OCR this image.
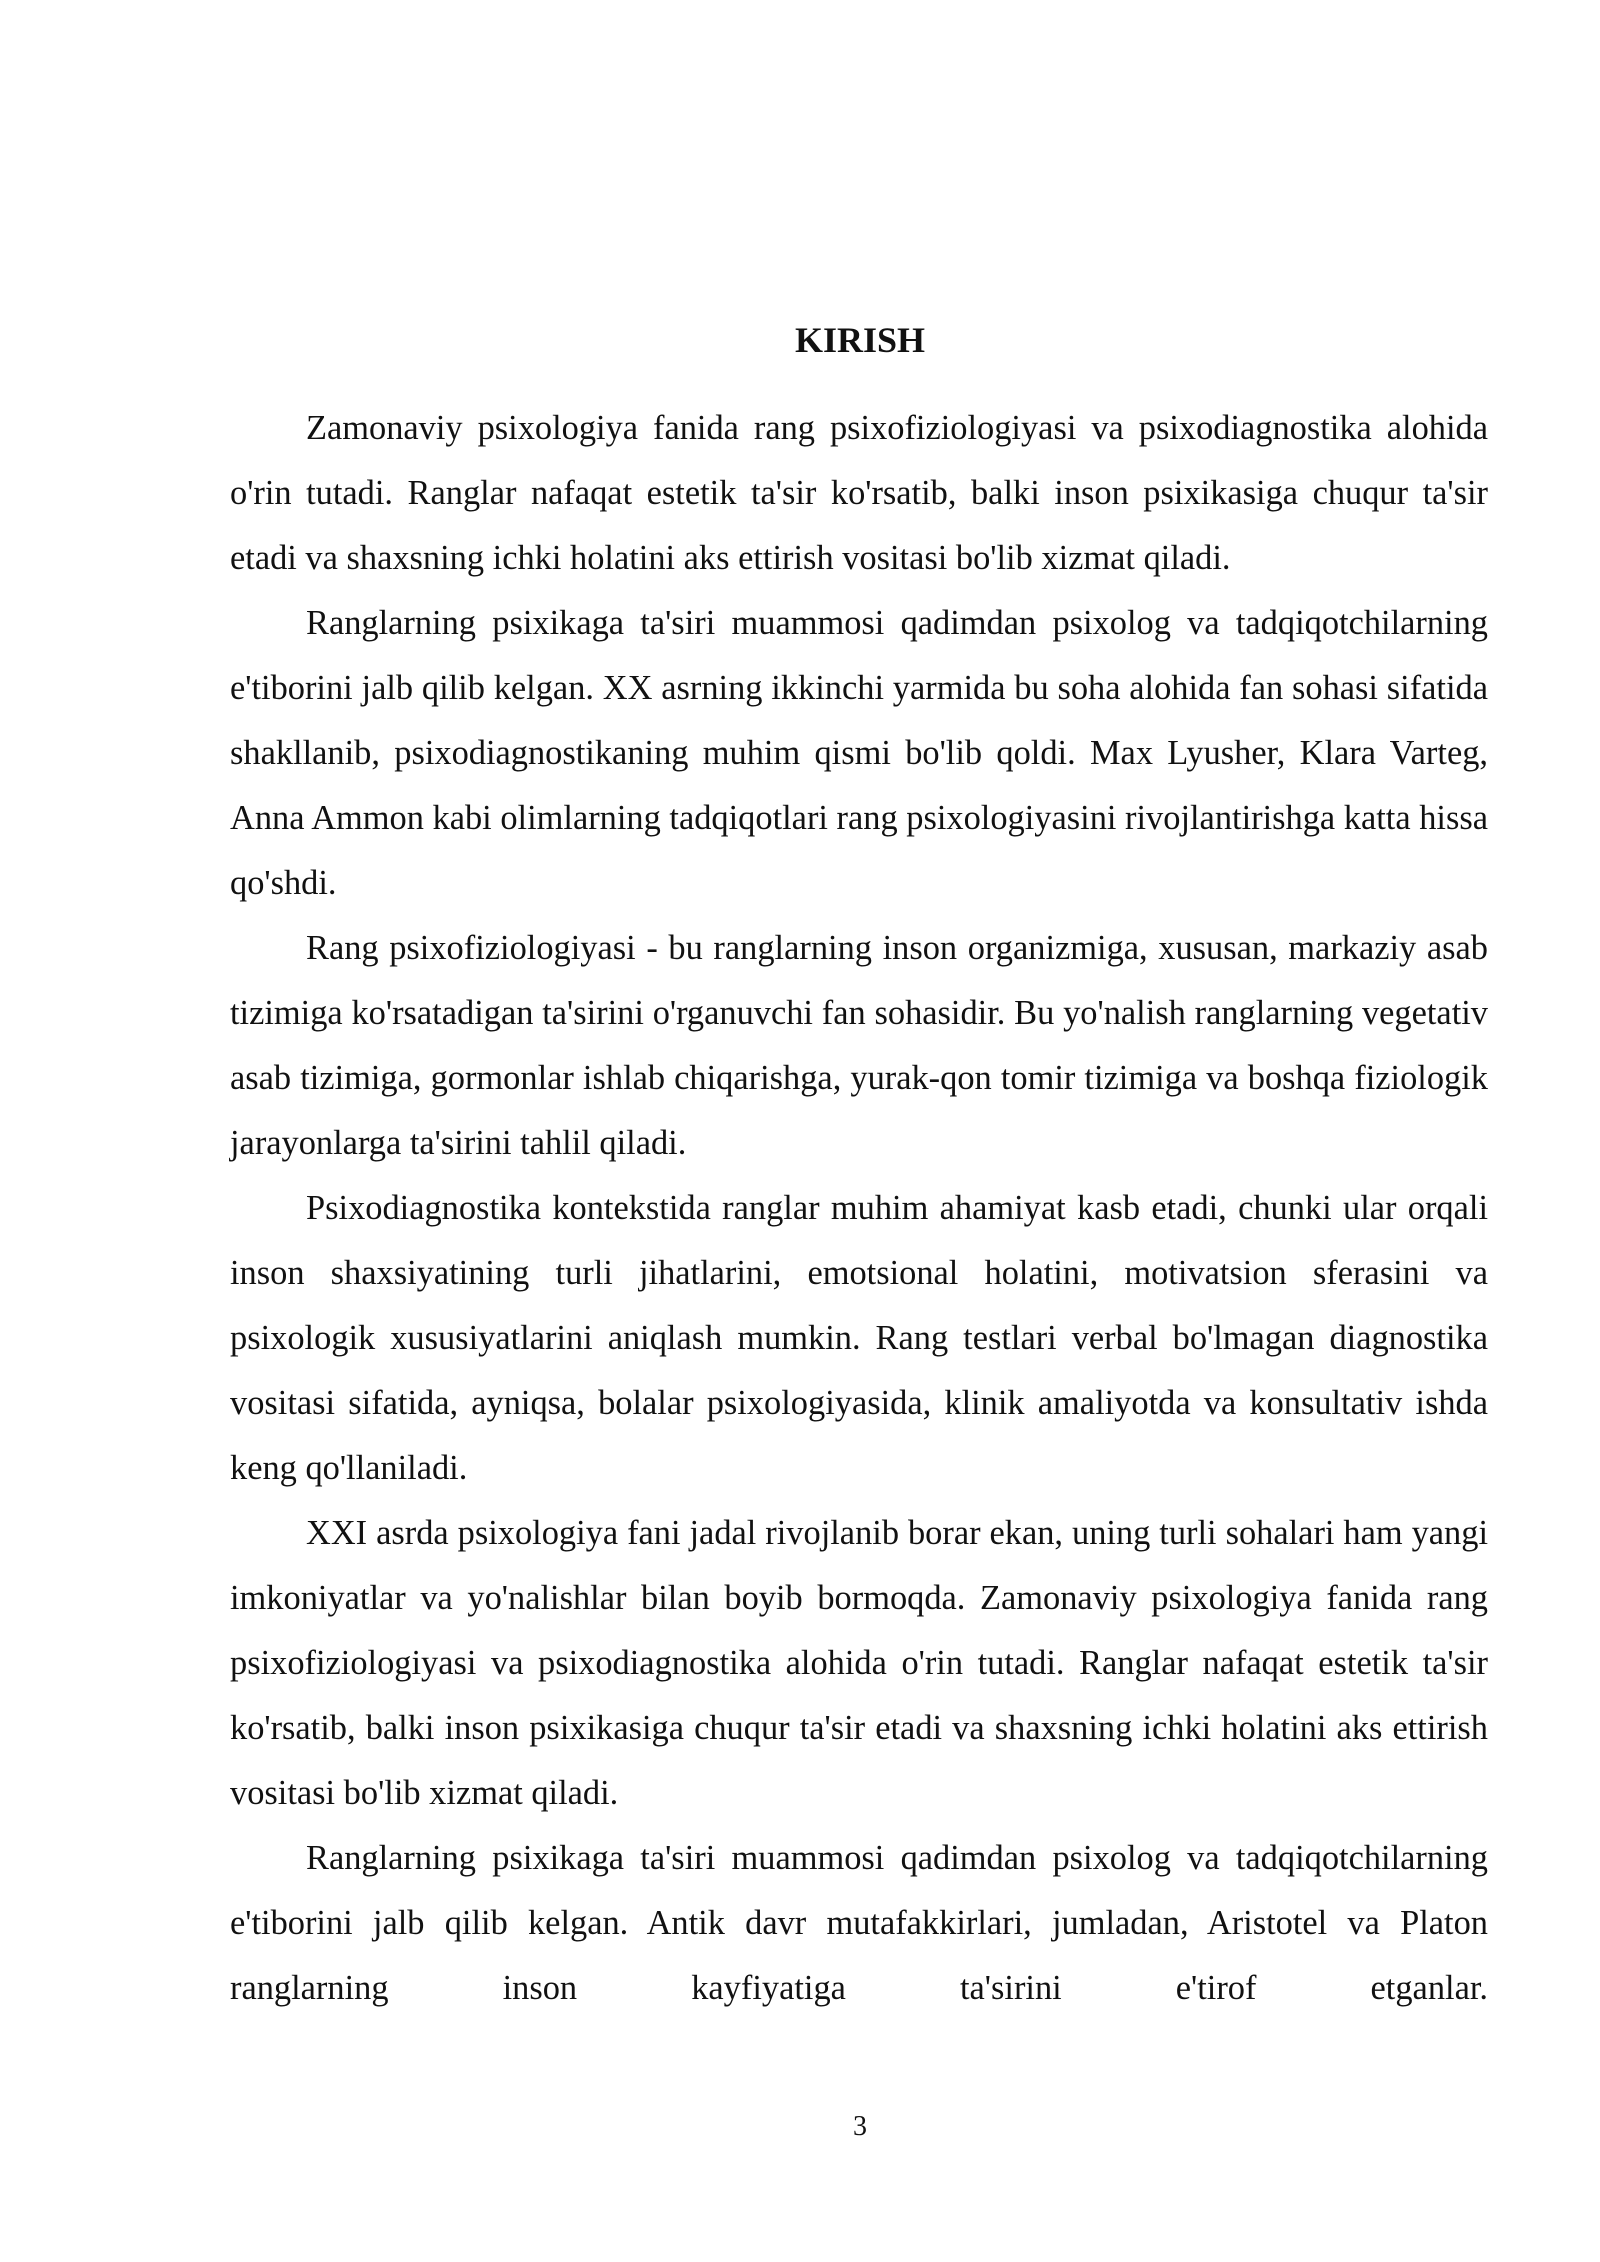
KIRISH

Zamonaviy psixologiya fanida rang psixofiziologiyasi va psixodiagnostika alohida o'rin tutadi. Ranglar nafaqat estetik ta'sir ko'rsatib, balki inson psixikasiga chuqur ta'sir etadi va shaxsning ichki holatini aks ettirish vositasi bo'lib xizmat qiladi.

Ranglarning psixikaga ta'siri muammosi qadimdan psixolog va tadqiqotchilarning e'tiborini jalb qilib kelgan. XX asrning ikkinchi yarmida bu soha alohida fan sohasi sifatida shakllanib, psixodiagnostikaning muhim qismi bo'lib qoldi. Max Lyusher, Klara Varteg, Anna Ammon kabi olimlarning tadqiqotlari rang psixologiyasini rivojlantirishga katta hissa qo'shdi.

Rang psixofiziologiyasi - bu ranglarning inson organizmiga, xususan, markaziy asab tizimiga ko'rsatadigan ta'sirini o'rganuvchi fan sohasidir. Bu yo'nalish ranglarning vegetativ asab tizimiga, gormonlar ishlab chiqarishga, yurak-qon tomir tizimiga va boshqa fiziologik jarayonlarga ta'sirini tahlil qiladi.

Psixodiagnostika kontekstida ranglar muhim ahamiyat kasb etadi, chunki ular orqali inson shaxsiyatining turli jihatlarini, emotsional holatini, motivatsion sferasini va psixologik xususiyatlarini aniqlash mumkin. Rang testlari verbal bo'lmagan diagnostika vositasi sifatida, ayniqsa, bolalar psixologiyasida, klinik amaliyotda va konsultativ ishda keng qo'llaniladi.

XXI asrda psixologiya fani jadal rivojlanib borar ekan, uning turli sohalari ham yangi imkoniyatlar va yo'nalishlar bilan boyib bormoqda. Zamonaviy psixologiya fanida rang psixofiziologiyasi va psixodiagnostika alohida o'rin tutadi. Ranglar nafaqat estetik ta'sir ko'rsatib, balki inson psixikasiga chuqur ta'sir etadi va shaxsning ichki holatini aks ettirish vositasi bo'lib xizmat qiladi.

Ranglarning psixikaga ta'siri muammosi qadimdan psixolog va tadqiqotchilarning e'tiborini jalb qilib kelgan. Antik davr mutafakkirlari, jumladan, Aristotel va Platon ranglarning inson kayfiyatiga ta'sirini e'tirof etganlar.

3
